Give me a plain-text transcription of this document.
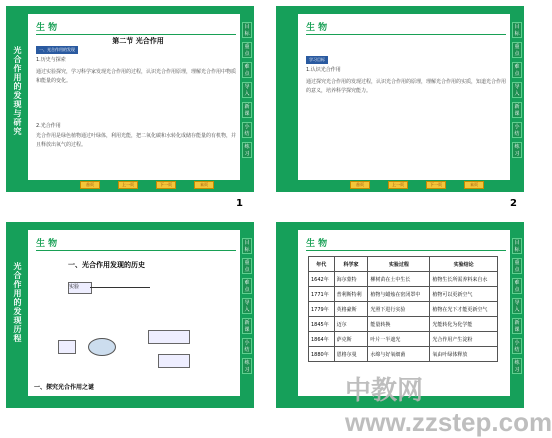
光合作用的发现与研究
生 物
一、光合作用的发现
第二节 光合作用
1.历史与探索
通过实验探究，学习科学家发现光合作用的过程，认识光合作用原理，理解光合作用中物质和能量的变化。
2.光合作用
光合作用是绿色植物通过叶绿体，利用光能，把二氧化碳和水转化成储存能量的有机物，并且释放出氧气的过程。
首页	上一页	下一页	末页
目标
重点
难点
导入
新课
小结
练习
1
生 物
学习目标
1.认识光合作用
通过探究光合作用的发现过程，认识光合作用的原理，理解光合作用的实质，知道光合作用的意义，培养科学探究能力。
首页	上一页	下一页	末页
目标
重点
难点
导入
新课
小结
练习
2
光合作用的发现历程
生 物
一、光合作用发现的历史
实验
一、探究光合作用之谜
目标
重点
难点
导入
新课
小结
练习
生 物
年代	科学家	实验过程	实验结论
1642年	海尔蒙特	柳树苗在土中生长	植物生长所需养料来自水
1771年	普利斯特利	植物与蜡烛在密闭罩中	植物可以更新空气
1779年	英格豪斯	光照下进行实验	植物在光下才能更新空气
1845年	迈尔	能量转换	光能转化为化学能
1864年	萨克斯	叶片一半遮光	光合作用产生淀粉
1880年	恩格尔曼	水绵与好氧细菌	氧由叶绿体释放
目标
重点
难点
导入
新课
小结
练习
中教网 www.zzstep.com
